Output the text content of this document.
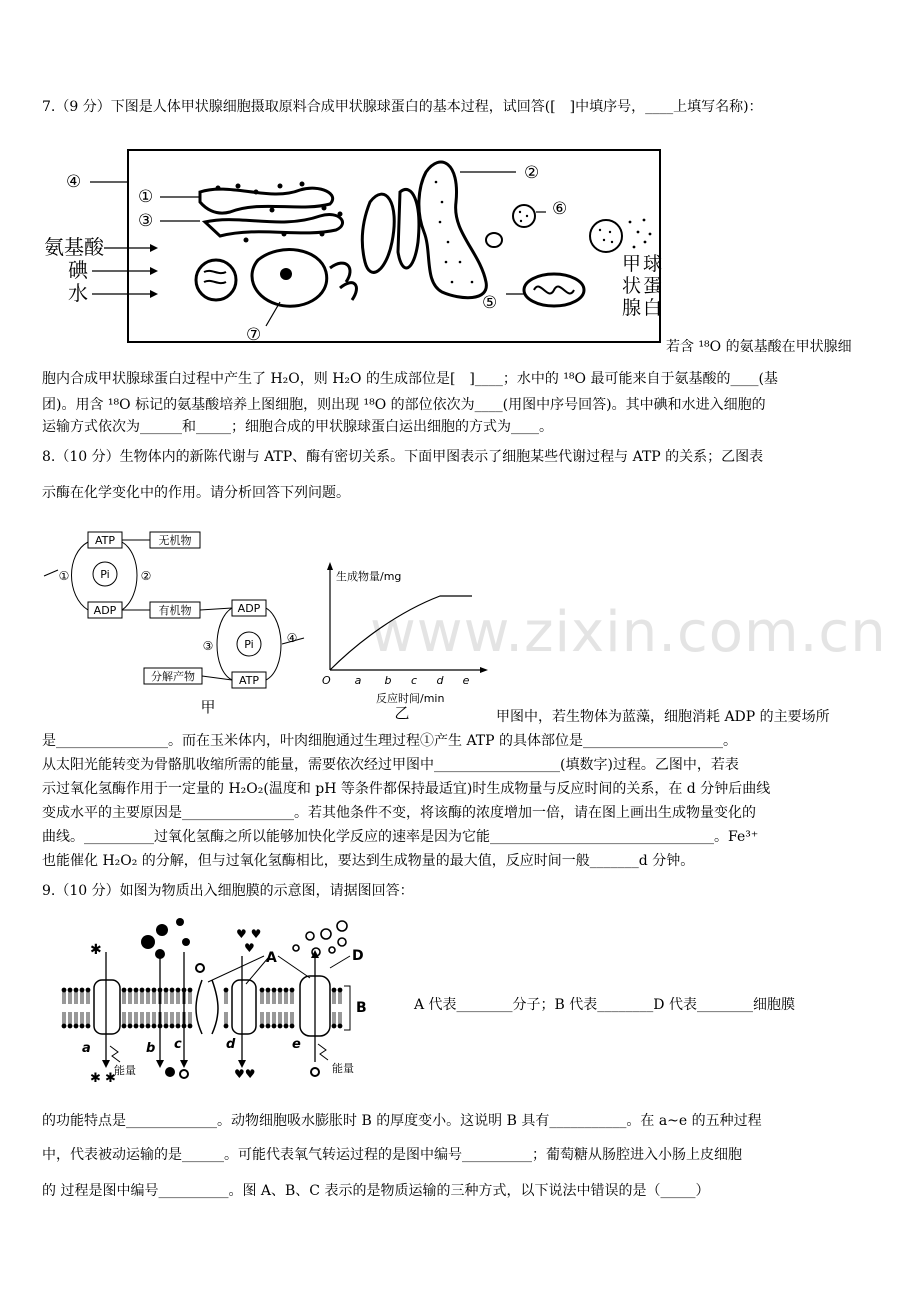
www.zixin.com.cn
7.（9 分）下图是人体甲状腺细胞摄取原料合成甲状腺球蛋白的基本过程，试回答([　]中填序号，____上填写名称)：
④
①
③
氨基酸
碘
水
②
⑥
⑦
⑤
甲
状
腺
球
蛋
白
若含 ¹⁸O 的氨基酸在甲状腺细
胞内合成甲状腺球蛋白过程中产生了 H₂O，则 H₂O 的生成部位是[　]____；水中的 ¹⁸O 最可能来自于氨基酸的____(基
团)。用含 ¹⁸O 标记的氨基酸培养上图细胞，则出现 ¹⁸O 的部位依次为____(用图中序号回答)。其中碘和水进入细胞的
运输方式依次为______和_____；细胞合成的甲状腺球蛋白运出细胞的方式为____。
8.（10 分）生物体内的新陈代谢与 ATP、酶有密切关系。下面甲图表示了细胞某些代谢过程与 ATP 的关系；乙图表
示酶在化学变化中的作用。请分析回答下列问题。
ATP	无机物
Pi
ADP	有机物	ADP
Pi
分解产物	ATP
①	②
③
④
甲
生成物量/mg
O a b c d e
反应时间/min
乙	甲图中，若生物体为蓝藻，细胞消耗 ADP 的主要场所
是________________。而在玉米体内，叶肉细胞通过生理过程①产生 ATP 的具体部位是____________________。
从太阳光能转变为骨骼肌收缩所需的能量，需要依次经过甲图中__________________(填数字)过程。乙图中，若表
示过氧化氢酶作用于一定量的 H₂O₂(温度和 pH 等条件都保持最适宜)时生成物量与反应时间的关系，在 d 分钟后曲线
变成水平的主要原因是________________。若其他条件不变，将该酶的浓度增加一倍，请在图上画出生成物量变化的
曲线。__________过氧化氢酶之所以能够加快化学反应的速率是因为它能________________________________。Fe³⁺
也能催化 H₂O₂ 的分解，但与过氧化氢酶相比，要达到生成物量的最大值，反应时间一般_______d 分钟。
9.（10 分）如图为物质出入细胞膜的示意图，请据图回答：
A
B
D
✱
♥ ♥
♥
✱ ✱	♥♥
a	b c	d	e
能量	能量
A 代表________分子；B 代表________D 代表________细胞膜
的功能特点是_____________。动物细胞吸水膨胀时 B 的厚度变小。这说明 B 具有___________。在 a~e 的五种过程
中，代表被动运输的是______。可能代表氧气转运过程的是图中编号__________；葡萄糖从肠腔进入小肠上皮细胞
的 过程是图中编号__________。图 A、B、C 表示的是物质运输的三种方式，以下说法中错误的是（_____）
